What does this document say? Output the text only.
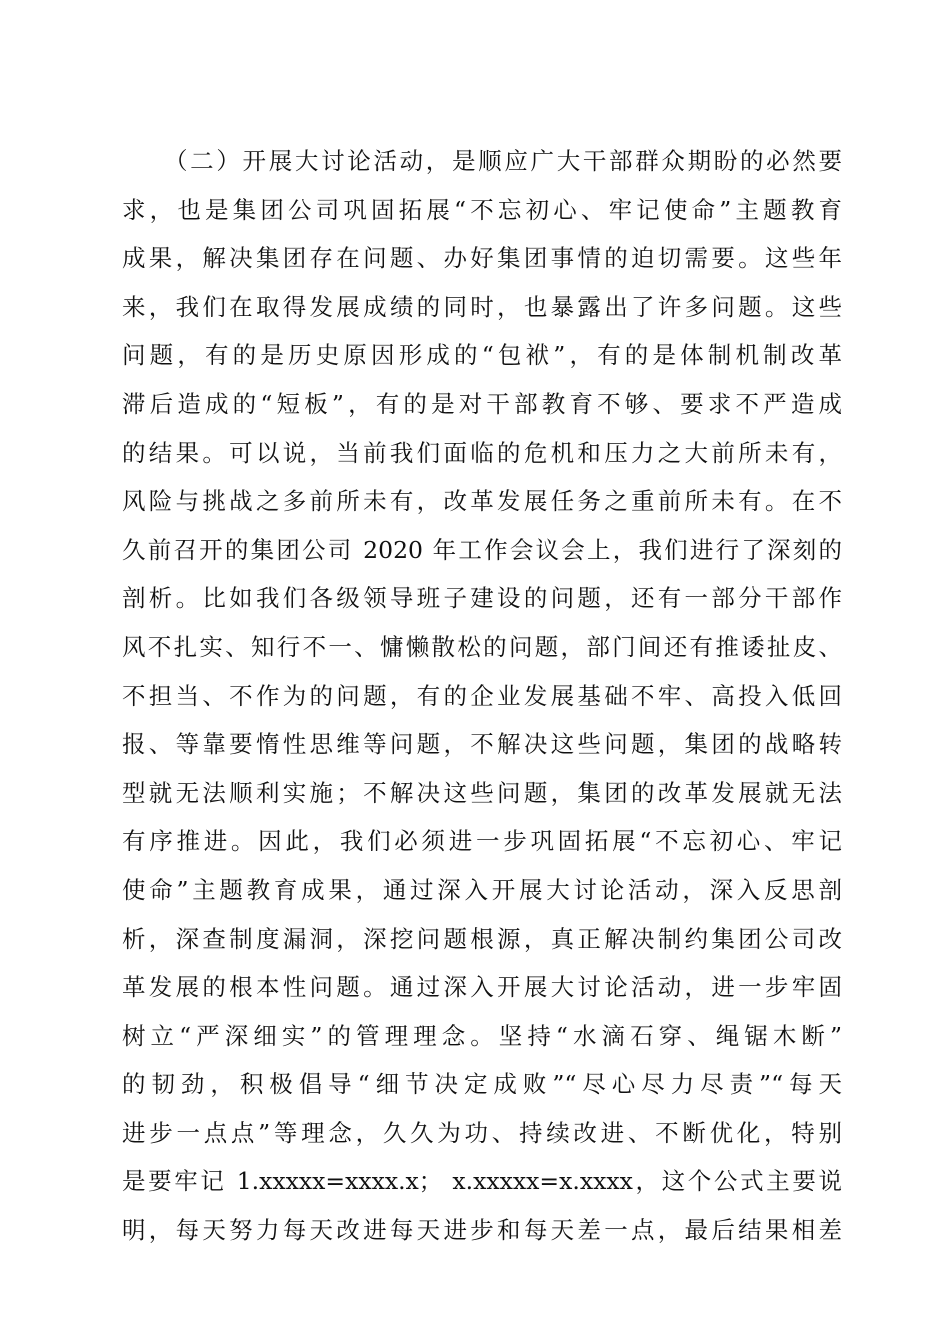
（二）开展大讨论活动，是顺应广大干部群众期盼的必然要
求，也是集团公司巩固拓展“不忘初心、牢记使命”主题教育
成果，解决集团存在问题、办好集团事情的迫切需要。这些年
来，我们在取得发展成绩的同时，也暴露出了许多问题。这些
问题，有的是历史原因形成的“包袱”，有的是体制机制改革
滞后造成的“短板”，有的是对干部教育不够、要求不严造成
的结果。可以说，当前我们面临的危机和压力之大前所未有，
风险与挑战之多前所未有，改革发展任务之重前所未有。在不
久前召开的集团公司 2020 年工作会议会上，我们进行了深刻的
剖析。比如我们各级领导班子建设的问题，还有一部分干部作
风不扎实、知行不一、慵懒散松的问题，部门间还有推诿扯皮、
不担当、不作为的问题，有的企业发展基础不牢、高投入低回
报、等靠要惰性思维等问题，不解决这些问题，集团的战略转
型就无法顺利实施；不解决这些问题，集团的改革发展就无法
有序推进。因此，我们必须进一步巩固拓展“不忘初心、牢记
使命”主题教育成果，通过深入开展大讨论活动，深入反思剖
析，深查制度漏洞，深挖问题根源，真正解决制约集团公司改
革发展的根本性问题。通过深入开展大讨论活动，进一步牢固
树立“严深细实”的管理理念。坚持“水滴石穿、绳锯木断”
的韧劲，积极倡导“细节决定成败”“尽心尽力尽责”“每天
进步一点点”等理念，久久为功、持续改进、不断优化，特别
是要牢记 1.xxxxx=xxxx.x； x.xxxxx=x.xxxx，这个公式主要说
明，每天努力每天改进每天进步和每天差一点，最后结果相差
